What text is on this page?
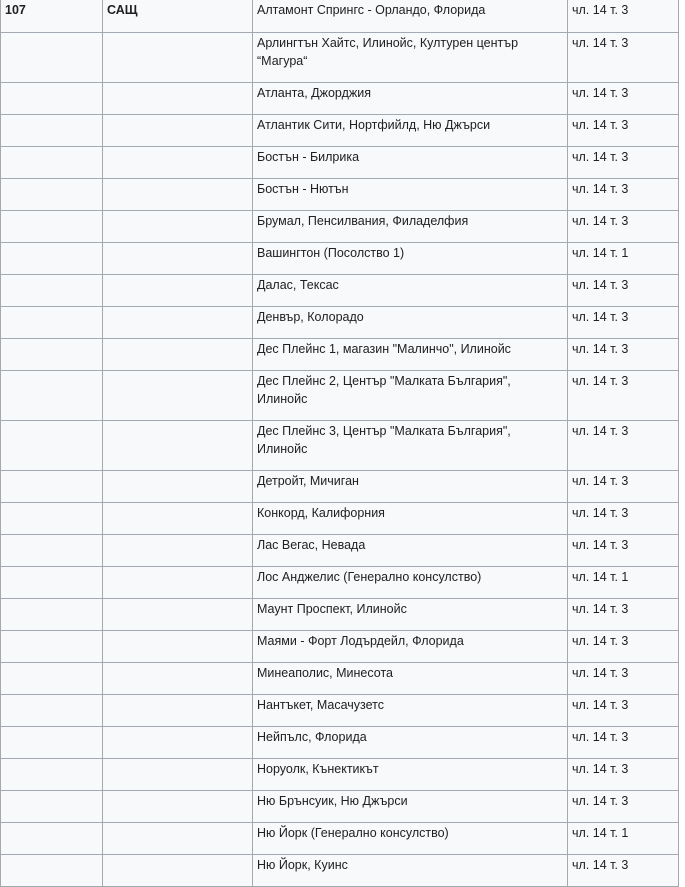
107	САЩ	Алтамонт Спрингс - Орландо, Флорида	чл. 14 т. 3
		Арлингтън Хайтс, Илинойс, Културен център “Магура“	чл. 14 т. 3
		Атланта, Джорджия	чл. 14 т. 3
		Атлантик Сити, Нортфийлд, Ню Джърси	чл. 14 т. 3
		Бостън - Билрика	чл. 14 т. 3
		Бостън - Нютън	чл. 14 т. 3
		Брумал, Пенсилвания, Филаделфия	чл. 14 т. 3
		Вашингтон (Посолство 1)	чл. 14 т. 1
		Далас, Тексас	чл. 14 т. 3
		Денвър, Колорадо	чл. 14 т. 3
		Дес Плейнс 1, магазин "Малинчо", Илинойс	чл. 14 т. 3
		Дес Плейнс 2, Център "Малката България", Илинойс	чл. 14 т. 3
		Дес Плейнс 3, Център "Малката България", Илинойс	чл. 14 т. 3
		Детройт, Мичиган	чл. 14 т. 3
		Конкорд, Калифорния	чл. 14 т. 3
		Лас Вегас, Невада	чл. 14 т. 3
		Лос Анджелис (Генерално консулство)	чл. 14 т. 1
		Маунт Проспект, Илинойс	чл. 14 т. 3
		Маями - Форт Лодърдейл, Флорида	чл. 14 т. 3
		Минеаполис, Минесота	чл. 14 т. 3
		Нантъкет, Масачузетс	чл. 14 т. 3
		Нейпълс, Флорида	чл. 14 т. 3
		Норуолк, Кънектикът	чл. 14 т. 3
		Ню Брънсуик, Ню Джърси	чл. 14 т. 3
		Ню Йорк (Генерално консулство)	чл. 14 т. 1
		Ню Йорк, Куинс	чл. 14 т. 3
